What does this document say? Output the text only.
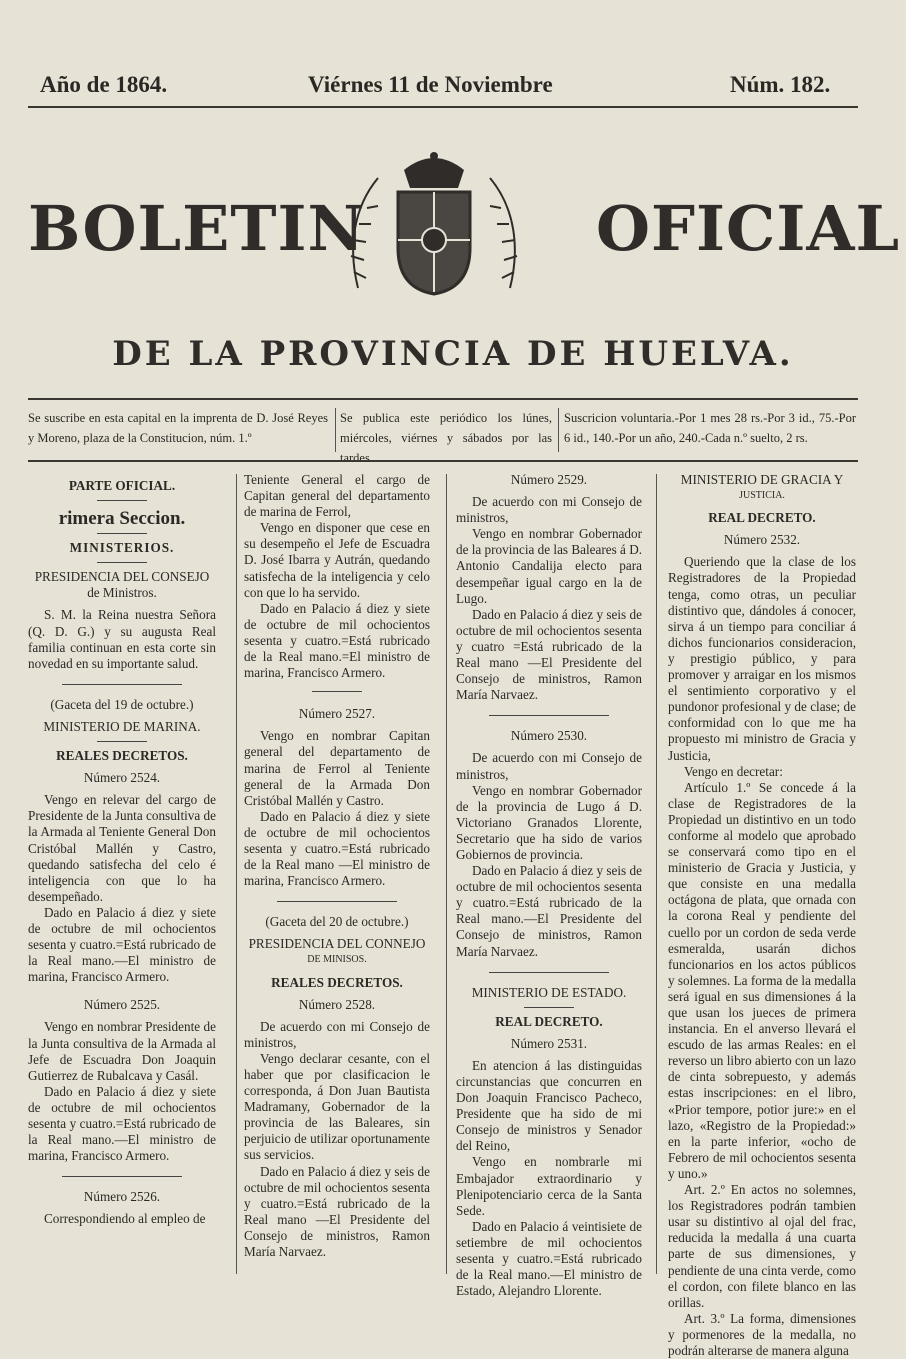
Año de 1864.	Viérnes 11 de Noviembre	Núm. 182.
BOLETIN	OFICIAL
DE LA PROVINCIA DE HUELVA.
Se suscribe en esta capital en la imprenta de D. José Reyes y Moreno, plaza de la Constitucion, núm. 1.º
Se publica este periódico los lúnes, miércoles, viérnes y sábados por las tardes.
Suscricion voluntaria.-Por 1 mes 28 rs.-Por 3 id., 75.-Por 6 id., 140.-Por un año, 240.-Cada n.º suelto, 2 rs.

PARTE OFICIAL.

rimera Seccion.

MINISTERIOS.

PRESIDENCIA DEL CONSEJO

de Ministros.

S. M. la Reina nuestra Señora (Q. D. G.) y su augusta Real familia continuan en esta corte sin novedad en su importante salud.

(Gaceta del 19 de octubre.)

MINISTERIO DE MARINA.

REALES DECRETOS.

Número 2524.

Vengo en relevar del cargo de Presidente de la Junta consultiva de la Armada al Teniente General Don Cristóbal Mallén y Castro, quedando satisfecha del celo é inteligencia con que lo ha desempeñado.

Dado en Palacio á diez y siete de octubre de mil ochocientos sesenta y cuatro.=Está rubricado de la Real mano.—El ministro de marina, Francisco Armero.

Número 2525.

Vengo en nombrar Presidente de la Junta consultiva de la Armada al Jefe de Escuadra Don Joaquin Gutierrez de Rubalcava y Casál.

Dado en Palacio á diez y siete de octubre de mil ochocientos sesenta y cuatro.=Está rubricado de la Real mano.—El ministro de marina, Francisco Armero.

Número 2526.

Correspondiendo al empleo de

Teniente General el cargo de Capitan general del departamento de marina de Ferrol,

Vengo en disponer que cese en su desempeño el Jefe de Escuadra D. José Ibarra y Autrán, quedando satisfecha de la inteligencia y celo con que lo ha servido.

Dado en Palacio á diez y siete de octubre de mil ochocientos sesenta y cuatro.=Está rubricado de la Real mano.=El ministro de marina, Francisco Armero.

Número 2527.

Vengo en nombrar Capitan general del departamento de marina de Ferrol al Teniente general de la Armada Don Cristóbal Mallén y Castro.

Dado en Palacio á diez y siete de octubre de mil ochocientos sesenta y cuatro.=Está rubricado de la Real mano —El ministro de marina, Francisco Armero.

(Gaceta del 20 de octubre.)

PRESIDENCIA DEL CONNEJO

DE MINISOS.

REALES DECRETOS.

Número 2528.

De acuerdo con mi Consejo de ministros,

Vengo declarar cesante, con el haber que por clasificacion le corresponda, á Don Juan Bautista Madramany, Gobernador de la provincia de las Baleares, sin perjuicio de utilizar oportunamente sus servicios.

Dado en Palacio á diez y seis de octubre de mil ochocientos sesenta y cuatro.=Está rubricado de la Real mano —El Presidente del Consejo de ministros, Ramon María Narvaez.

Número 2529.

De acuerdo con mi Consejo de ministros,

Vengo en nombrar Gobernador de la provincia de las Baleares á D. Antonio Candalija electo para desempeñar igual cargo en la de Lugo.

Dado en Palacio á diez y seis de octubre de mil ochocientos sesenta y cuatro =Está rubricado de la Real mano —El Presidente del Consejo de ministros, Ramon María Narvaez.

Número 2530.

De acuerdo con mi Consejo de ministros,

Vengo en nombrar Gobernador de la provincia de Lugo á D. Victoriano Granados Llorente, Secretario que ha sido de varios Gobiernos de provincia.

Dado en Palacio á diez y seis de octubre de mil ochocientos sesenta y cuatro.=Está rubricado de la Real mano.—El Presidente del Consejo de ministros, Ramon María Narvaez.

MINISTERIO DE ESTADO.

REAL DECRETO.

Número 2531.

En atencion á las distinguidas circunstancias que concurren en Don Joaquin Francisco Pacheco, Presidente que ha sido de mi Consejo de ministros y Senador del Reino,

Vengo en nombrarle mi Embajador extraordinario y Plenipotenciario cerca de la Santa Sede.

Dado en Palacio á veintisiete de setiembre de mil ochocientos sesenta y cuatro.=Está rubricado de la Real mano.—El ministro de Estado, Alejandro Llorente.

MINISTERIO DE GRACIA Y

JUSTICIA.

REAL DECRETO.

Número 2532.

Queriendo que la clase de los Registradores de la Propiedad tenga, como otras, un peculiar distintivo que, dándoles á conocer, sirva á un tiempo para conciliar á dichos funcionarios consideracion, y prestigio público, y para promover y arraigar en los mismos el sentimiento corporativo y el pundonor profesional y de clase; de conformidad con lo que me ha propuesto mi ministro de Gracia y Justicia,

Vengo en decretar:

Artículo 1.º Se concede á la clase de Registradores de la Propiedad un distintivo en un todo conforme al modelo que aprobado se conservará como tipo en el ministerio de Gracia y Justicia, y que consiste en una medalla octágona de plata, que ornada con la corona Real y pendiente del cuello por un cordon de seda verde esmeralda, usarán dichos funcionarios en los actos públicos y solemnes. La forma de la medalla será igual en sus dimensiones á la que usan los jueces de primera instancia. En el anverso llevará el escudo de las armas Reales: en el reverso un libro abierto con un lazo de cinta sobrepuesto, y además estas inscripciones: en el libro, «Prior tempore, potior jure:» en el lazo, «Registro de la Propiedad:» en la parte inferior, «ocho de Febrero de mil ochocientos sesenta y uno.»

Art. 2.º En actos no solemnes, los Registradores podrán tambien usar su distintivo al ojal del frac, reducida la medalla á una cuarta parte de sus dimensiones, y pendiente de una cinta verde, como el cordon, con filete blanco en las orillas.

Art. 3.º La forma, dimensiones y pormenores de la medalla, no podrán alterarse de manera alguna
